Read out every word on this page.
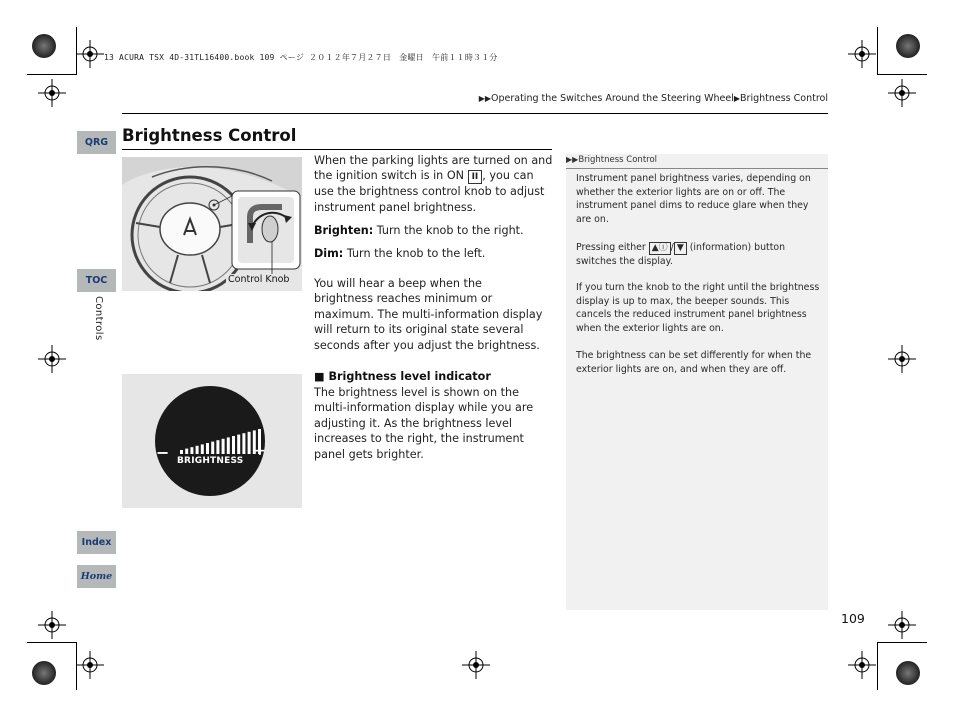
13 ACURA TSX 4D-31TL16400.book 109 ページ ２０１２年７月２７日　金曜日　午前１１時３１分
▶▶Operating the Switches Around the Steering Wheel▶Brightness Control
Brightness Control
QRG
TOC
Index
Home
Controls
Control Knob
−	+
BRIGHTNESS
When the parking lights are turned on and the ignition switch is in ON II , you can use the brightness control knob to adjust instrument panel brightness.
Brighten: Turn the knob to the right.
Dim: Turn the knob to the left.
You will hear a beep when the brightness reaches minimum or maximum. The multi-information display will return to its original state several seconds after you adjust the brightness.
■ Brightness level indicator
The brightness level is shown on the multi-information display while you are adjusting it. As the brightness level increases to the right, the instrument panel gets brighter.
▶▶Brightness Control
Instrument panel brightness varies, depending on whether the exterior lights are on or off. The instrument panel dims to reduce glare when they are on.
Pressing either ▲ⓘ / ▼ (information) button switches the display.
If you turn the knob to the right until the brightness display is up to max, the beeper sounds. This cancels the reduced instrument panel brightness when the exterior lights are on.
The brightness can be set differently for when the exterior lights are on, and when they are off.
109
